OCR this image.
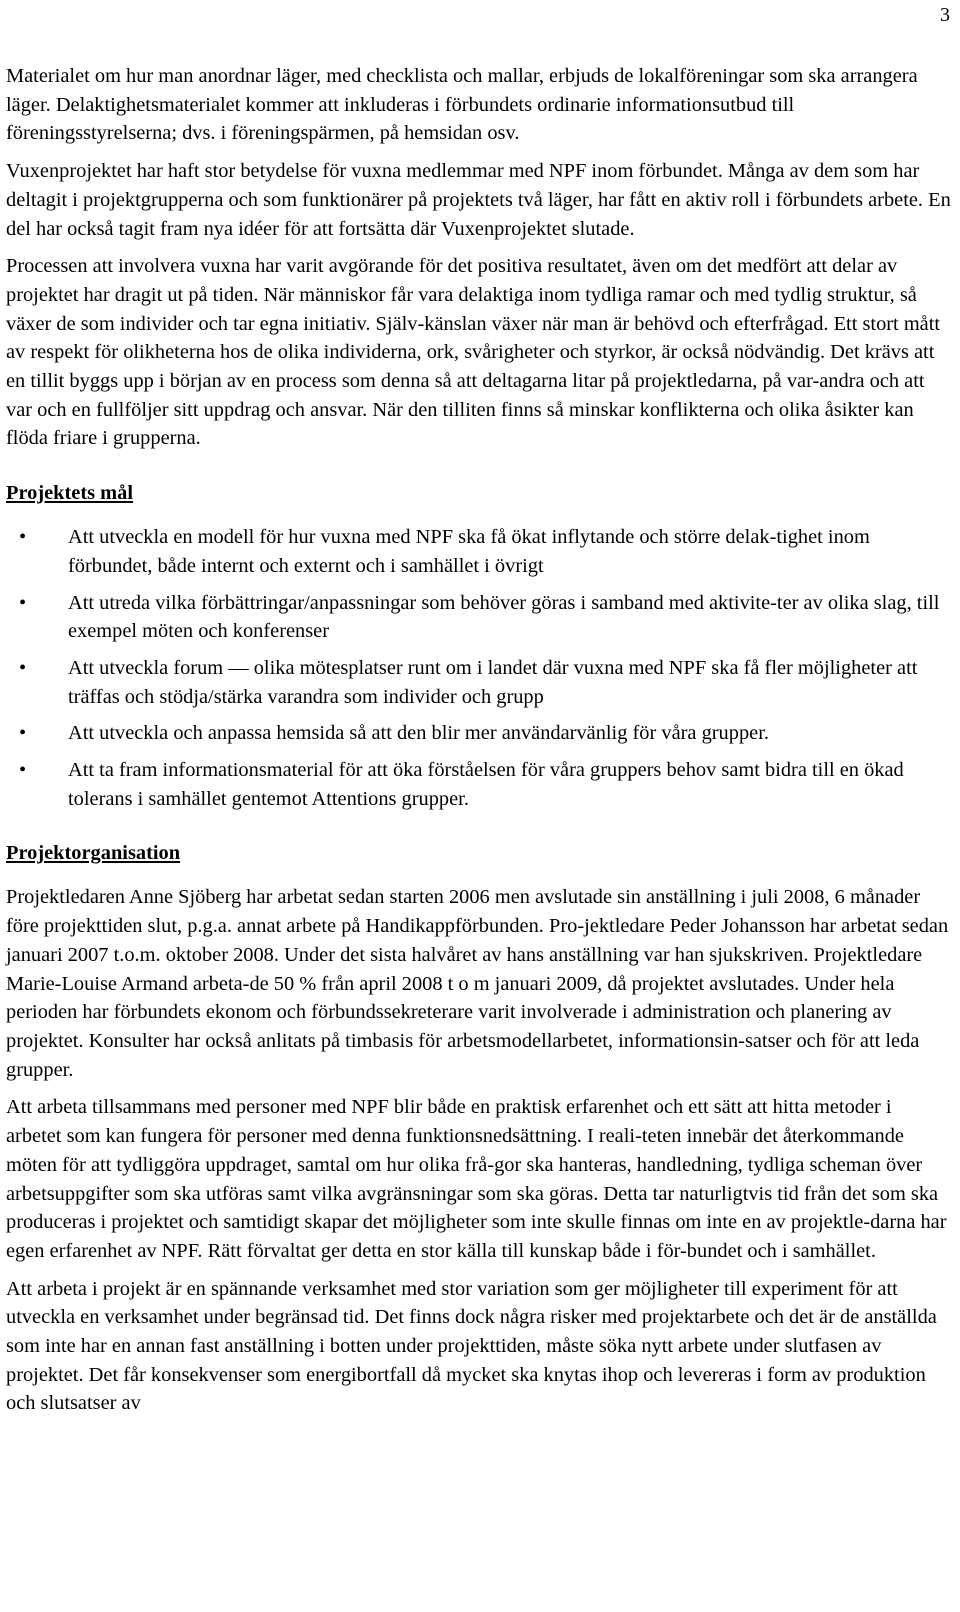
3

Materialet om hur man anordnar läger, med checklista och mallar, erbjuds de lokalföreningar som ska arrangera läger. Delaktighetsmaterialet kommer att inkluderas i förbundets ordinarie informationsutbud till föreningsstyrelserna; dvs. i föreningspärmen, på hemsidan osv.

Vuxenprojektet har haft stor betydelse för vuxna medlemmar med NPF inom förbundet. Många av dem som har deltagit i projektgrupperna och som funktionärer på projektets två läger, har fått en aktiv roll i förbundets arbete. En del har också tagit fram nya idéer för att fortsätta där Vuxenprojektet slutade.

Processen att involvera vuxna har varit avgörande för det positiva resultatet, även om det medfört att delar av projektet har dragit ut på tiden. När människor får vara delaktiga inom tydliga ramar och med tydlig struktur, så växer de som individer och tar egna initiativ. Själv-känslan växer när man är behövd och efterfrågad. Ett stort mått av respekt för olikheterna hos de olika individerna, ork, svårigheter och styrkor, är också nödvändig. Det krävs att en tillit byggs upp i början av en process som denna så att deltagarna litar på projektledarna, på var-andra och att var och en fullföljer sitt uppdrag och ansvar. När den tilliten finns så minskar konflikterna och olika åsikter kan flöda friare i grupperna.

Projektets mål
• Att utveckla en modell för hur vuxna med NPF ska få ökat inflytande och större delak-tighet inom förbundet, både internt och externt och i samhället i övrigt
• Att utreda vilka förbättringar/anpassningar som behöver göras i samband med aktivite-ter av olika slag, till exempel möten och konferenser
• Att utveckla forum — olika mötesplatser runt om i landet där vuxna med NPF ska få fler möjligheter att träffas och stödja/stärka varandra som individer och grupp
• Att utveckla och anpassa hemsida så att den blir mer användarvänlig för våra grupper.
• Att ta fram informationsmaterial för att öka förståelsen för våra gruppers behov samt bidra till en ökad tolerans i samhället gentemot Attentions grupper.
Projektorganisation

Projektledaren Anne Sjöberg har arbetat sedan starten 2006 men avslutade sin anställning i juli 2008, 6 månader före projekttiden slut, p.g.a. annat arbete på Handikappförbunden. Pro-jektledare Peder Johansson har arbetat sedan januari 2007 t.o.m. oktober 2008. Under det sista halvåret av hans anställning var han sjukskriven. Projektledare Marie-Louise Armand arbeta-de 50 % från april 2008 t o m januari 2009, då projektet avslutades. Under hela perioden har förbundets ekonom och förbundssekreterare varit involverade i administration och planering av projektet. Konsulter har också anlitats på timbasis för arbetsmodellarbetet, informationsin-satser och för att leda grupper.

Att arbeta tillsammans med personer med NPF blir både en praktisk erfarenhet och ett sätt att hitta metoder i arbetet som kan fungera för personer med denna funktionsnedsättning. I reali-teten innebär det återkommande möten för att tydliggöra uppdraget, samtal om hur olika frå-gor ska hanteras, handledning, tydliga scheman över arbetsuppgifter som ska utföras samt vilka avgränsningar som ska göras. Detta tar naturligtvis tid från det som ska produceras i projektet och samtidigt skapar det möjligheter som inte skulle finnas om inte en av projektle-darna har egen erfarenhet av NPF. Rätt förvaltat ger detta en stor källa till kunskap både i för-bundet och i samhället.

Att arbeta i projekt är en spännande verksamhet med stor variation som ger möjligheter till experiment för att utveckla en verksamhet under begränsad tid. Det finns dock några risker med projektarbete och det är de anställda som inte har en annan fast anställning i botten under projekttiden, måste söka nytt arbete under slutfasen av projektet. Det får konsekvenser som energibortfall då mycket ska knytas ihop och levereras i form av produktion och slutsatser av
